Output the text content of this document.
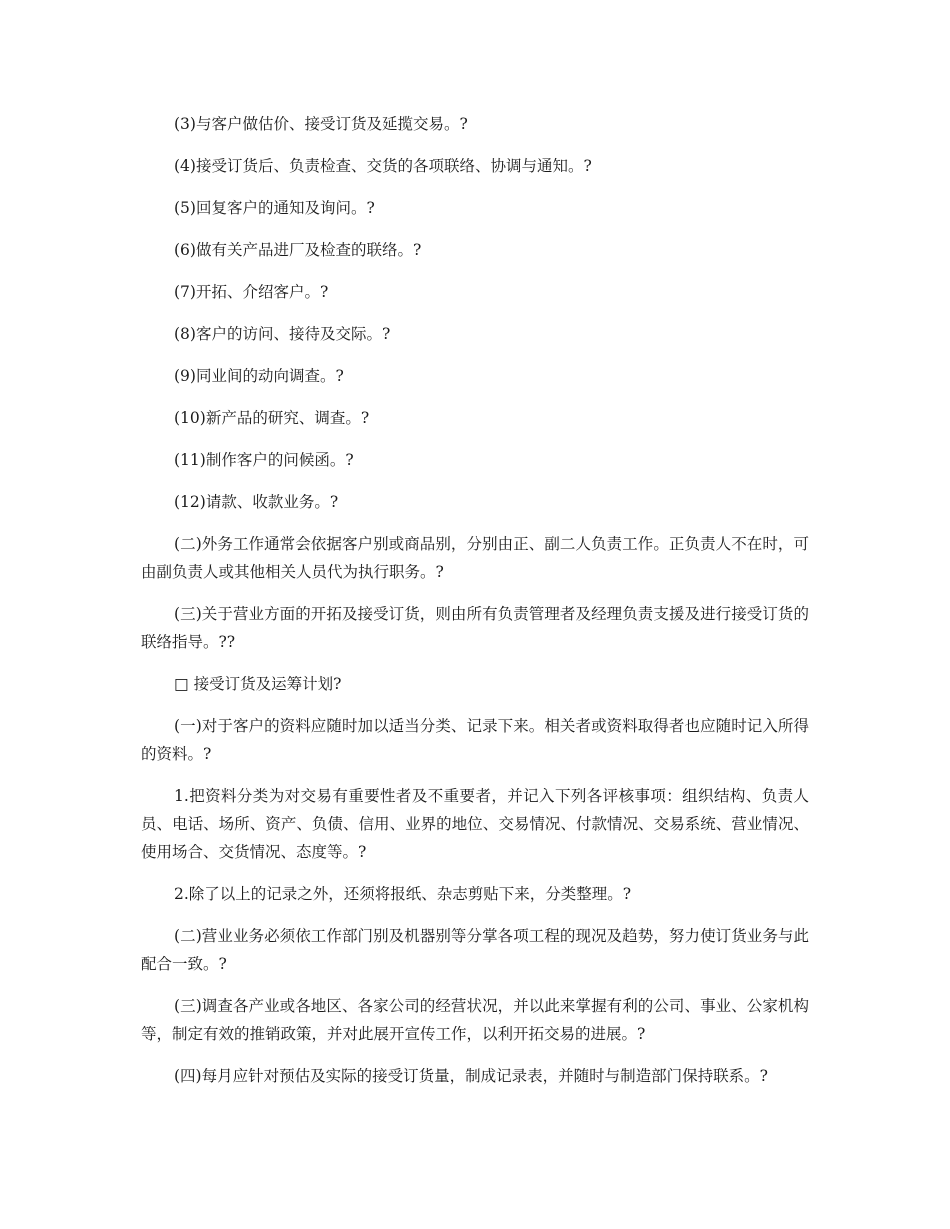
(3)与客户做估价、接受订货及延揽交易。?

(4)接受订货后、负责检查、交货的各项联络、协调与通知。?

(5)回复客户的通知及询问。?

(6)做有关产品进厂及检查的联络。?

(7)开拓、介绍客户。?

(8)客户的访问、接待及交际。?

(9)同业间的动向调查。?

(10)新产品的研究、调查。?

(11)制作客户的问候函。?

(12)请款、收款业务。?

(二)外务工作通常会依据客户别或商品别，分别由正、副二人负责工作。正负责人不在时，可由副负责人或其他相关人员代为执行职务。?

(三)关于营业方面的开拓及接受订货，则由所有负责管理者及经理负责支援及进行接受订货的联络指导。??

□ 接受订货及运筹计划?

(一)对于客户的资料应随时加以适当分类、记录下来。相关者或资料取得者也应随时记入所得的资料。?

1.把资料分类为对交易有重要性者及不重要者，并记入下列各评核事项：组织结构、负责人员、电话、场所、资产、负债、信用、业界的地位、交易情况、付款情况、交易系统、营业情况、使用场合、交货情况、态度等。?

2.除了以上的记录之外，还须将报纸、杂志剪贴下来，分类整理。?

(二)营业业务必须依工作部门别及机器别等分掌各项工程的现况及趋势，努力使订货业务与此配合一致。?

(三)调查各产业或各地区、各家公司的经营状况，并以此来掌握有利的公司、事业、公家机构等，制定有效的推销政策，并对此展开宣传工作，以利开拓交易的进展。?

(四)每月应针对预估及实际的接受订货量，制成记录表，并随时与制造部门保持联系。?
